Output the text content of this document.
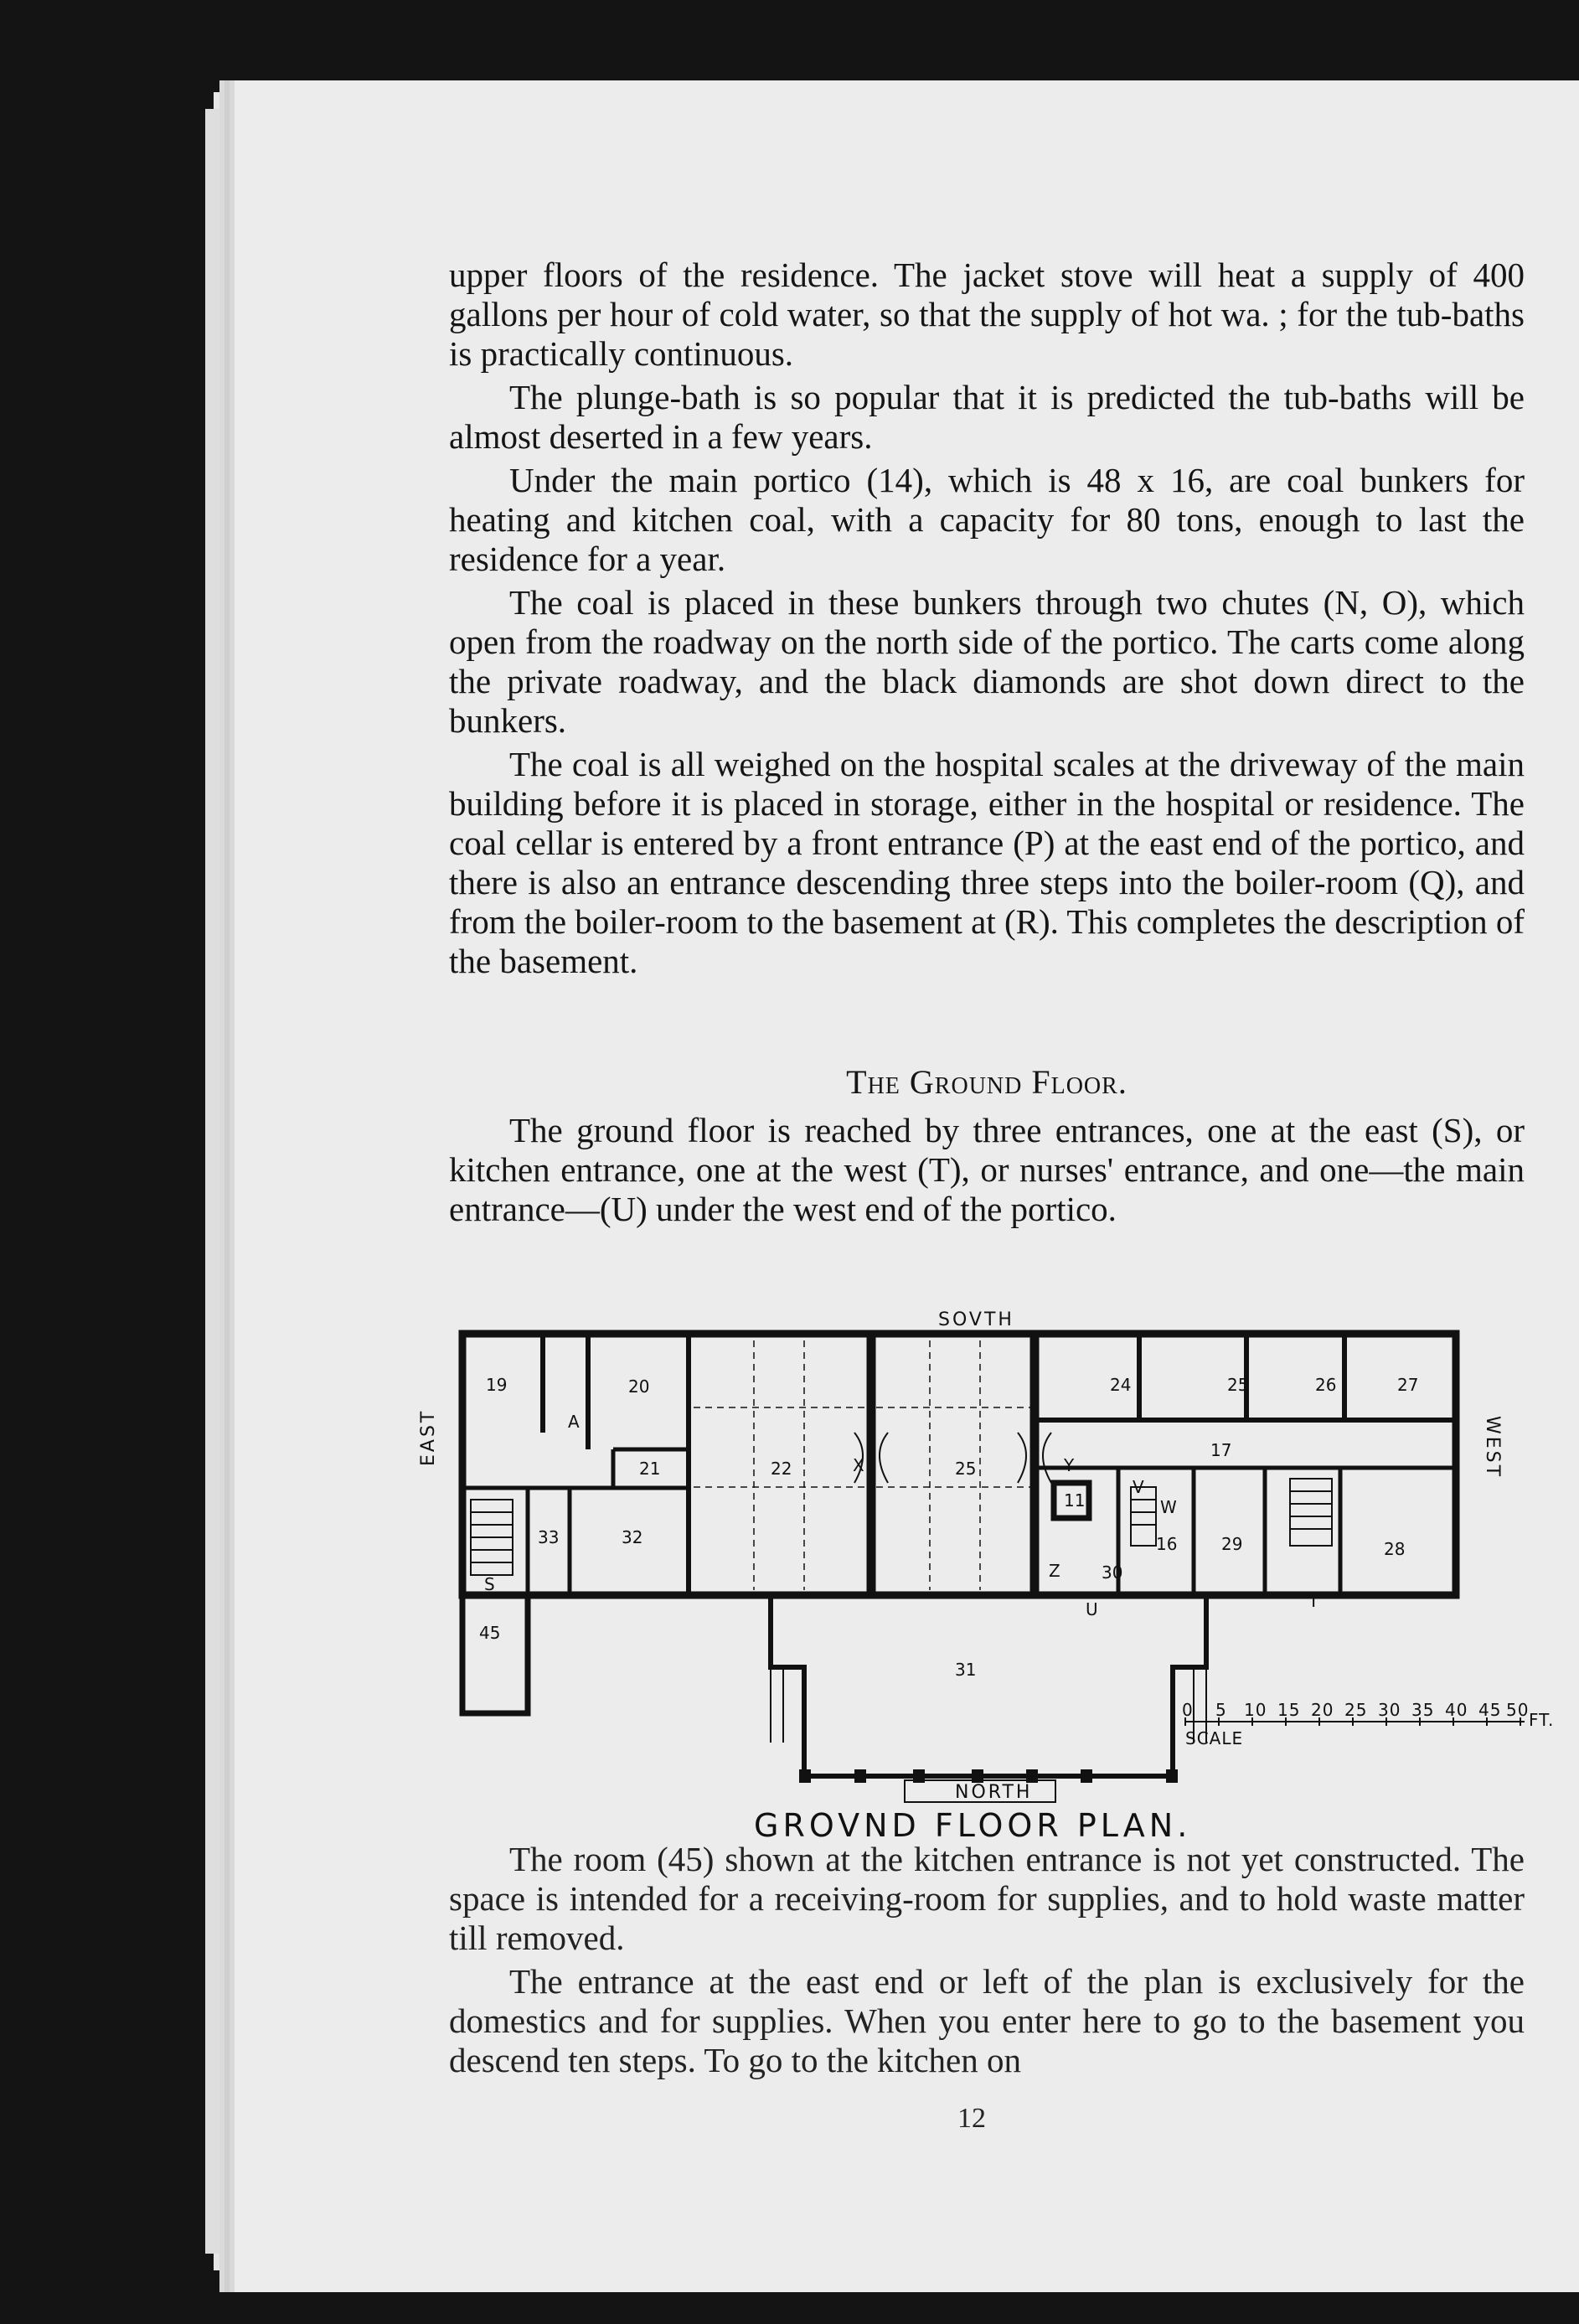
upper floors of the residence. The jacket stove will heat a supply of 400 gallons per hour of cold water, so that the supply of hot wa. ; for the tub-baths is practically continuous.

The plunge-bath is so popular that it is predicted the tub-baths will be almost deserted in a few years.

Under the main portico (14), which is 48 x 16, are coal bunkers for heating and kitchen coal, with a capacity for 80 tons, enough to last the residence for a year.

The coal is placed in these bunkers through two chutes (N, O), which open from the roadway on the north side of the portico. The carts come along the private roadway, and the black diamonds are shot down direct to the bunkers.

The coal is all weighed on the hospital scales at the driveway of the main building before it is placed in storage, either in the hospital or residence. The coal cellar is entered by a front entrance (P) at the east end of the portico, and there is also an entrance descending three steps into the boiler-room (Q), and from the boiler-room to the basement at (R). This completes the description of the basement.

The Ground Floor.

The ground floor is reached by three entrances, one at the east (S), or kitchen entrance, one at the west (T), or nurses' entrance, and one—the main entrance—(U) under the west end of the portico.

SOVTH
NORTH
EAST	WEST
19	20
21	22
32
33
45
25
24	25	26	27
17
11
16	29	28
30
31
A
X	Y
V
W
Z
U	T
S
0 5 10 15 20 25 30 35 40 45 50 FT.
SCALE
GROVND FLOOR PLAN.

The room (45) shown at the kitchen entrance is not yet constructed. The space is intended for a receiving-room for supplies, and to hold waste matter till removed.

The entrance at the east end or left of the plan is exclusively for the domestics and for supplies. When you enter here to go to the basement you descend ten steps. To go to the kitchen on

12
